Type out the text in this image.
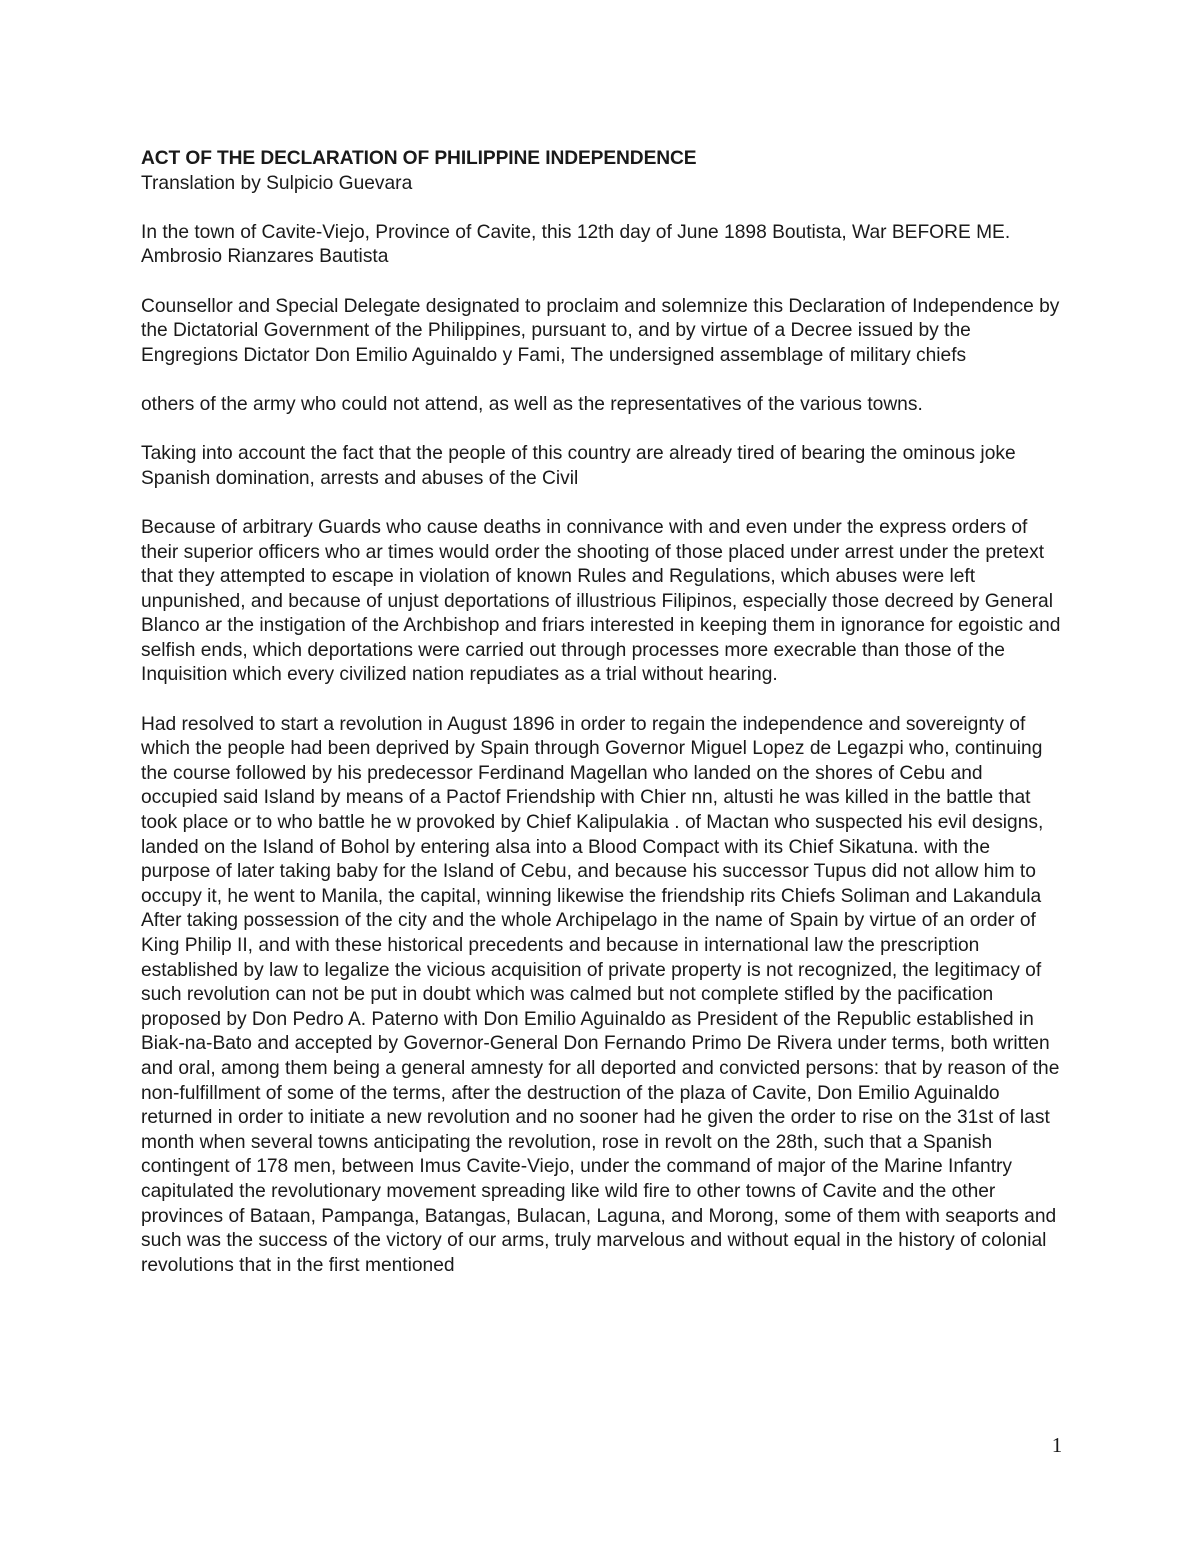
ACT OF THE DECLARATION OF PHILIPPINE INDEPENDENCE

Translation by Sulpicio Guevara

In the town of Cavite-Viejo, Province of Cavite, this 12th day of June 1898 Boutista, War BEFORE ME. Ambrosio Rianzares Bautista

Counsellor and Special Delegate designated to proclaim and solemnize this Declaration of Independence by the Dictatorial Government of the Philippines, pursuant to, and by virtue of a Decree issued by the Engregions Dictator Don Emilio Aguinaldo y Fami, The undersigned assemblage of military chiefs

others of the army who could not attend, as well as the representatives of the various towns.

Taking into account the fact that the people of this country are already tired of bearing the ominous joke Spanish domination, arrests and abuses of the Civil

Because of arbitrary Guards who cause deaths in connivance with and even under the express orders of their superior officers who ar times would order the shooting of those placed under arrest under the pretext that they attempted to escape in violation of known Rules and Regulations, which abuses were left unpunished, and because of unjust deportations of illustrious Filipinos, especially those decreed by General Blanco ar the instigation of the Archbishop and friars interested in keeping them in ignorance for egoistic and selfish ends, which deportations were carried out through processes more execrable than those of the Inquisition which every civilized nation repudiates as a trial without hearing.

Had resolved to start a revolution in August 1896 in order to regain the independence and sovereignty of which the people had been deprived by Spain through Governor Miguel Lopez de Legazpi who, continuing the course followed by his predecessor Ferdinand Magellan who landed on the shores of Cebu and occupied said Island by means of a Pactof Friendship with Chier nn, altusti he was killed in the battle that took place or to who battle he w provoked by Chief Kalipulakia . of Mactan who suspected his evil designs, landed on the Island of Bohol by entering alsa into a Blood Compact with its Chief Sikatuna. with the purpose of later taking baby for the Island of Cebu, and because his successor Tupus did not allow him to occupy it, he went to Manila, the capital, winning likewise the friendship rits Chiefs Soliman and Lakandula After taking possession of the city and the whole Archipelago in the name of Spain by virtue of an order of King Philip II, and with these historical precedents and because in international law the prescription established by law to legalize the vicious acquisition of private property is not recognized, the legitimacy of such revolution can not be put in doubt which was calmed but not complete stifled by the pacification proposed by Don Pedro A. Paterno with Don Emilio Aguinaldo as President of the Republic established in Biak-na-Bato and accepted by Governor-General Don Fernando Primo De Rivera under terms, both written and oral, among them being a general amnesty for all deported and convicted persons: that by reason of the non-fulfillment of some of the terms, after the destruction of the plaza of Cavite, Don Emilio Aguinaldo returned in order to initiate a new revolution and no sooner had he given the order to rise on the 31st of last month when several towns anticipating the revolution, rose in revolt on the 28th, such that a Spanish contingent of 178 men, between Imus Cavite-Viejo, under the command of major of the Marine Infantry capitulated the revolutionary movement spreading like wild fire to other towns of Cavite and the other provinces of Bataan, Pampanga, Batangas, Bulacan, Laguna, and Morong, some of them with seaports and such was the success of the victory of our arms, truly marvelous and without equal in the history of colonial revolutions that in the first mentioned

1
